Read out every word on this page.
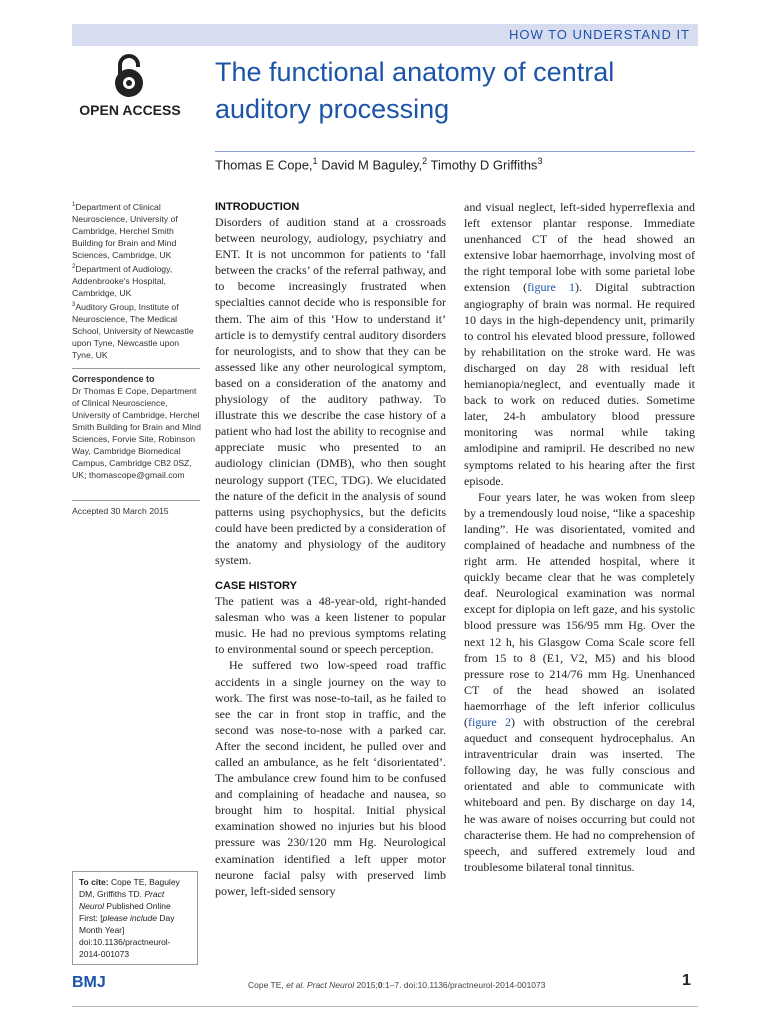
HOW TO UNDERSTAND IT
OPEN ACCESS
The functional anatomy of central auditory processing
Thomas E Cope,$^1$ David M Baguley,$^2$ Timothy D Griffiths$^3$

$^1$Department of Clinical Neuroscience, University of Cambridge, Herchel Smith Building for Brain and Mind Sciences, Cambridge, UK

$^2$Department of Audiology, Addenbrooke's Hospital, Cambridge, UK

$^3$Auditory Group, Institute of Neuroscience, The Medical School, University of Newcastle upon Tyne, Newcastle upon Tyne, UK

Correspondence to

Dr Thomas E Cope, Department of Clinical Neuroscience, University of Cambridge, Herchel Smith Building for Brain and Mind Sciences, Forvie Site, Robinson Way, Cambridge Biomedical Campus, Cambridge CB2 0SZ, UK; thomascope@gmail.com

Accepted 30 March 2015
To cite: Cope TE, Baguley DM, Griffiths TD. Pract Neurol Published Online First: [please include Day Month Year] doi:10.1136/practneurol-2014-001073
INTRODUCTION

Disorders of audition stand at a crossroads between neurology, audiology, psychiatry and ENT. It is not uncommon for patients to ‘fall between the cracks’ of the referral pathway, and to become increasingly frustrated when specialties cannot decide who is responsible for them. The aim of this ‘How to understand it’ article is to demystify central auditory disorders for neurologists, and to show that they can be assessed like any other neurological symptom, based on a consideration of the anatomy and physiology of the auditory pathway. To illustrate this we describe the case history of a patient who had lost the ability to recognise and appreciate music who presented to an audiology clinician (DMB), who then sought neurology support (TEC, TDG). We elucidated the nature of the deficit in the analysis of sound patterns using psychophysics, but the deficits could have been predicted by a consideration of the anatomy and physiology of the auditory system.

CASE HISTORY

The patient was a 48-year-old, right-handed salesman who was a keen listener to popular music. He had no previous symptoms relating to environmental sound or speech perception.

He suffered two low-speed road traffic accidents in a single journey on the way to work. The first was nose-to-tail, as he failed to see the car in front stop in traffic, and the second was nose-to-nose with a parked car. After the second incident, he pulled over and called an ambulance, as he felt ‘disorientated’. The ambulance crew found him to be confused and complaining of headache and nausea, so brought him to hospital. Initial physical examination showed no injuries but his blood pressure was 230/120 mm Hg. Neurological examination identified a left upper motor neurone facial palsy with preserved limb power, left-sided sensory

and visual neglect, left-sided hyperreflexia and left extensor plantar response. Immediate unenhanced CT of the head showed an extensive lobar haemorrhage, involving most of the right temporal lobe with some parietal lobe extension (figure 1). Digital subtraction angiography of brain was normal. He required 10 days in the high-dependency unit, primarily to control his elevated blood pressure, followed by rehabilitation on the stroke ward. He was discharged on day 28 with residual left hemianopia/neglect, and eventually made it back to work on reduced duties. Sometime later, 24-h ambulatory blood pressure monitoring was normal while taking amlodipine and ramipril. He described no new symptoms related to his hearing after the first episode.

Four years later, he was woken from sleep by a tremendously loud noise, “like a spaceship landing”. He was disorientated, vomited and complained of headache and numbness of the right arm. He attended hospital, where it quickly became clear that he was completely deaf. Neurological examination was normal except for diplopia on left gaze, and his systolic blood pressure was 156/95 mm Hg. Over the next 12 h, his Glasgow Coma Scale score fell from 15 to 8 (E1, V2, M5) and his blood pressure rose to 214/76 mm Hg. Unenhanced CT of the head showed an isolated haemorrhage of the left inferior colliculus (figure 2) with obstruction of the cerebral aqueduct and consequent hydrocephalus. An intraventricular drain was inserted. The following day, he was fully conscious and orientated and able to communicate with whiteboard and pen. By discharge on day 14, he was aware of noises occurring but could not characterise them. He had no comprehension of speech, and suffered extremely loud and troublesome bilateral tonal tinnitus.

BMJ	Cope TE, et al. Pract Neurol 2015;0:1–7. doi:10.1136/practneurol-2014-001073	1
